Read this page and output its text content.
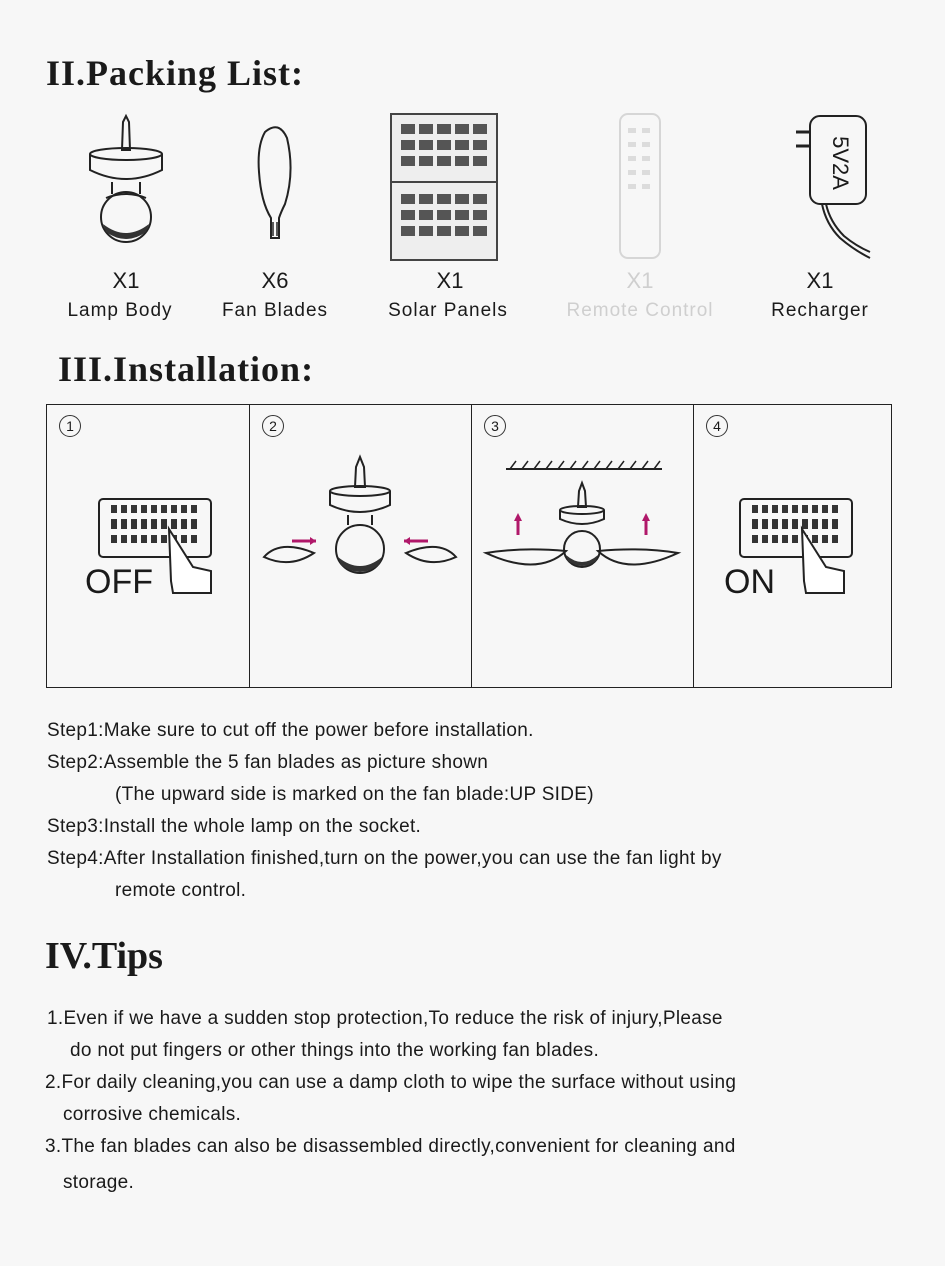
II.Packing List:
X1
Lamp Body
X6
Fan Blades
X1
Solar Panels
X1
Remote Control
5V2A
X1
Recharger
III.Installation:
1
OFF
2	3	4
ON
Step1:Make sure to cut off the power before installation.
Step2:Assemble the 5 fan blades as picture shown
(The upward side is marked on the fan blade:UP SIDE)
Step3:Install the whole lamp on the socket.
Step4:After Installation finished,turn on the power,you can use the fan light by
remote control.
IV.Tips
1.Even if we have a sudden stop protection,To reduce the risk of injury,Please
do not put fingers or other things into the working fan blades.
2.For daily cleaning,you can use a damp cloth to wipe the surface without using
corrosive chemicals.
3.The fan blades can also be disassembled directly,convenient for cleaning and
storage.
